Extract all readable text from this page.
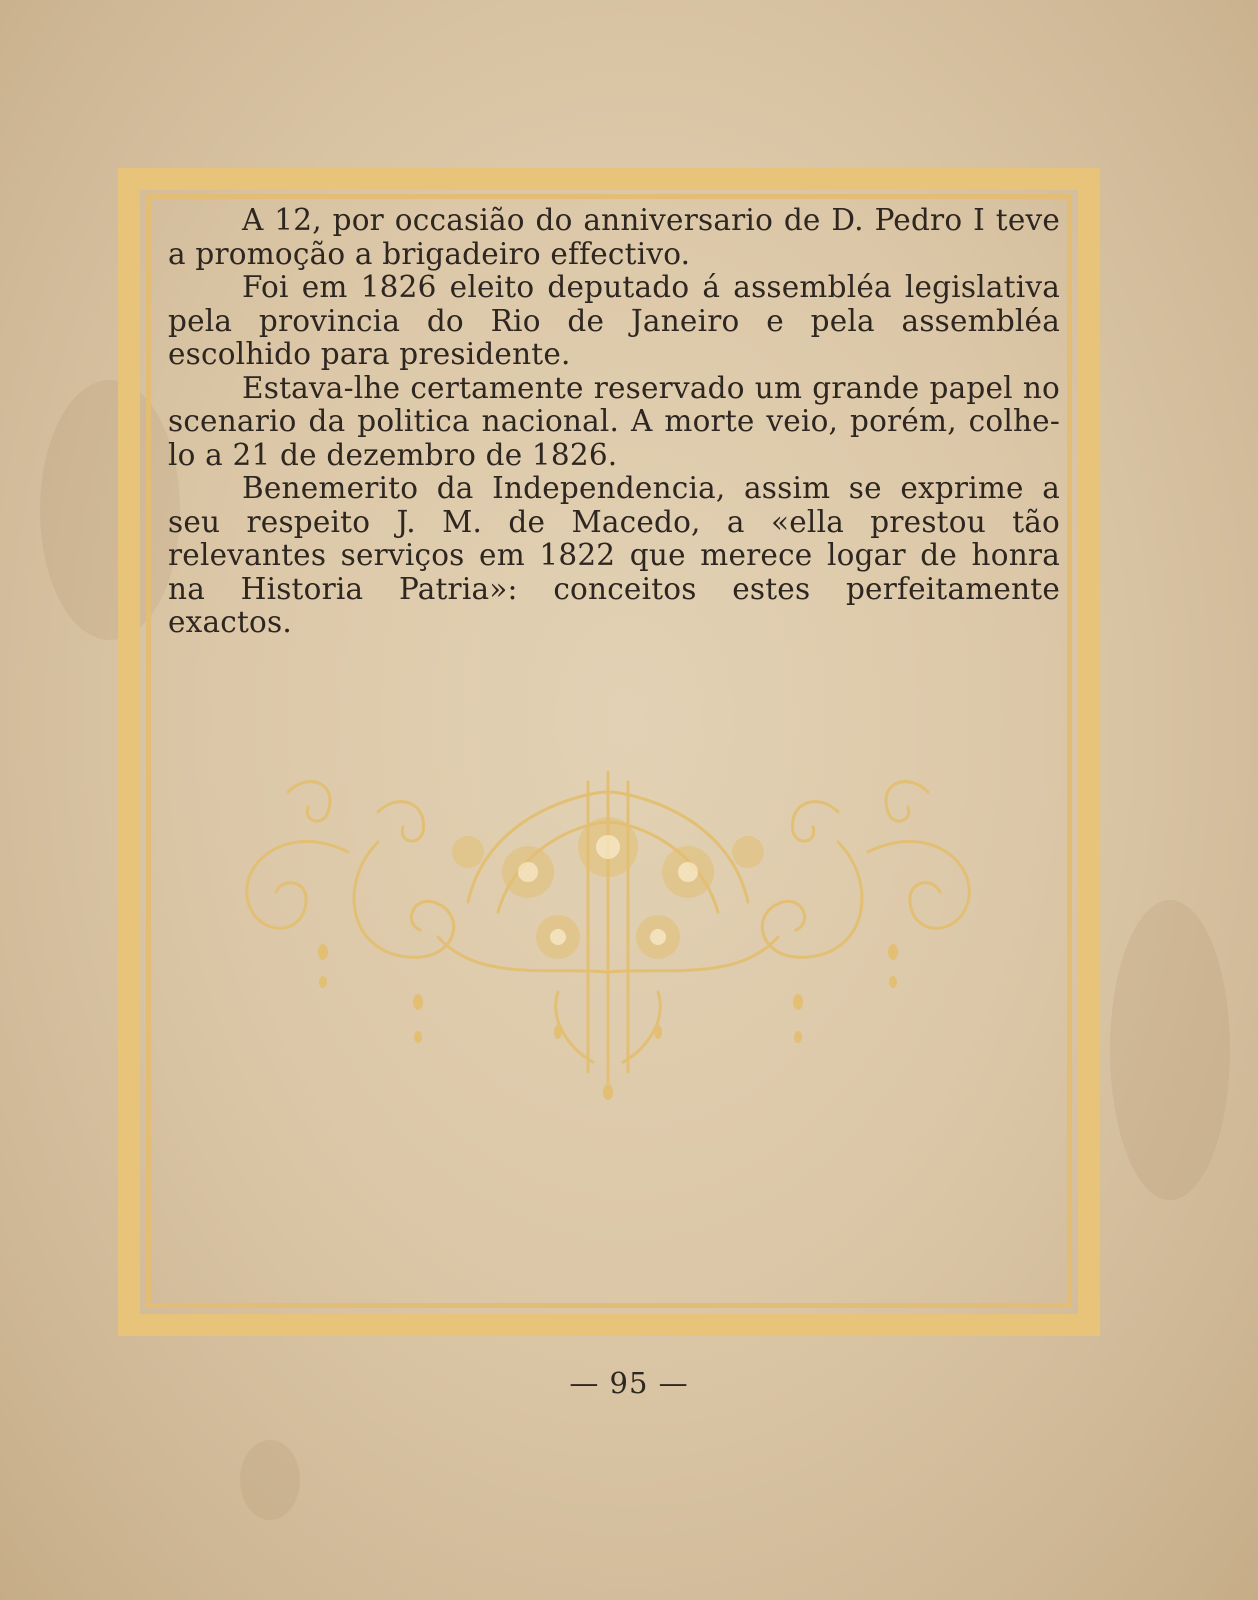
A 12, por occasião do anniversario de D. Pedro I teve a promoção a brigadeiro effectivo.

Foi em 1826 eleito deputado á assembléa legislativa pela provincia do Rio de Janeiro e pela assembléa escolhido para presidente.

Estava-lhe certamente reservado um grande papel no scenario da politica nacional. A morte veio, porém, colhe-lo a 21 de dezembro de 1826.

Benemerito da Independencia, assim se exprime a seu respeito J. M. de Macedo, a «ella prestou tão relevantes serviços em 1822 que merece logar de honra na Historia Patria»: conceitos estes perfeitamente exactos.

— 95 —
